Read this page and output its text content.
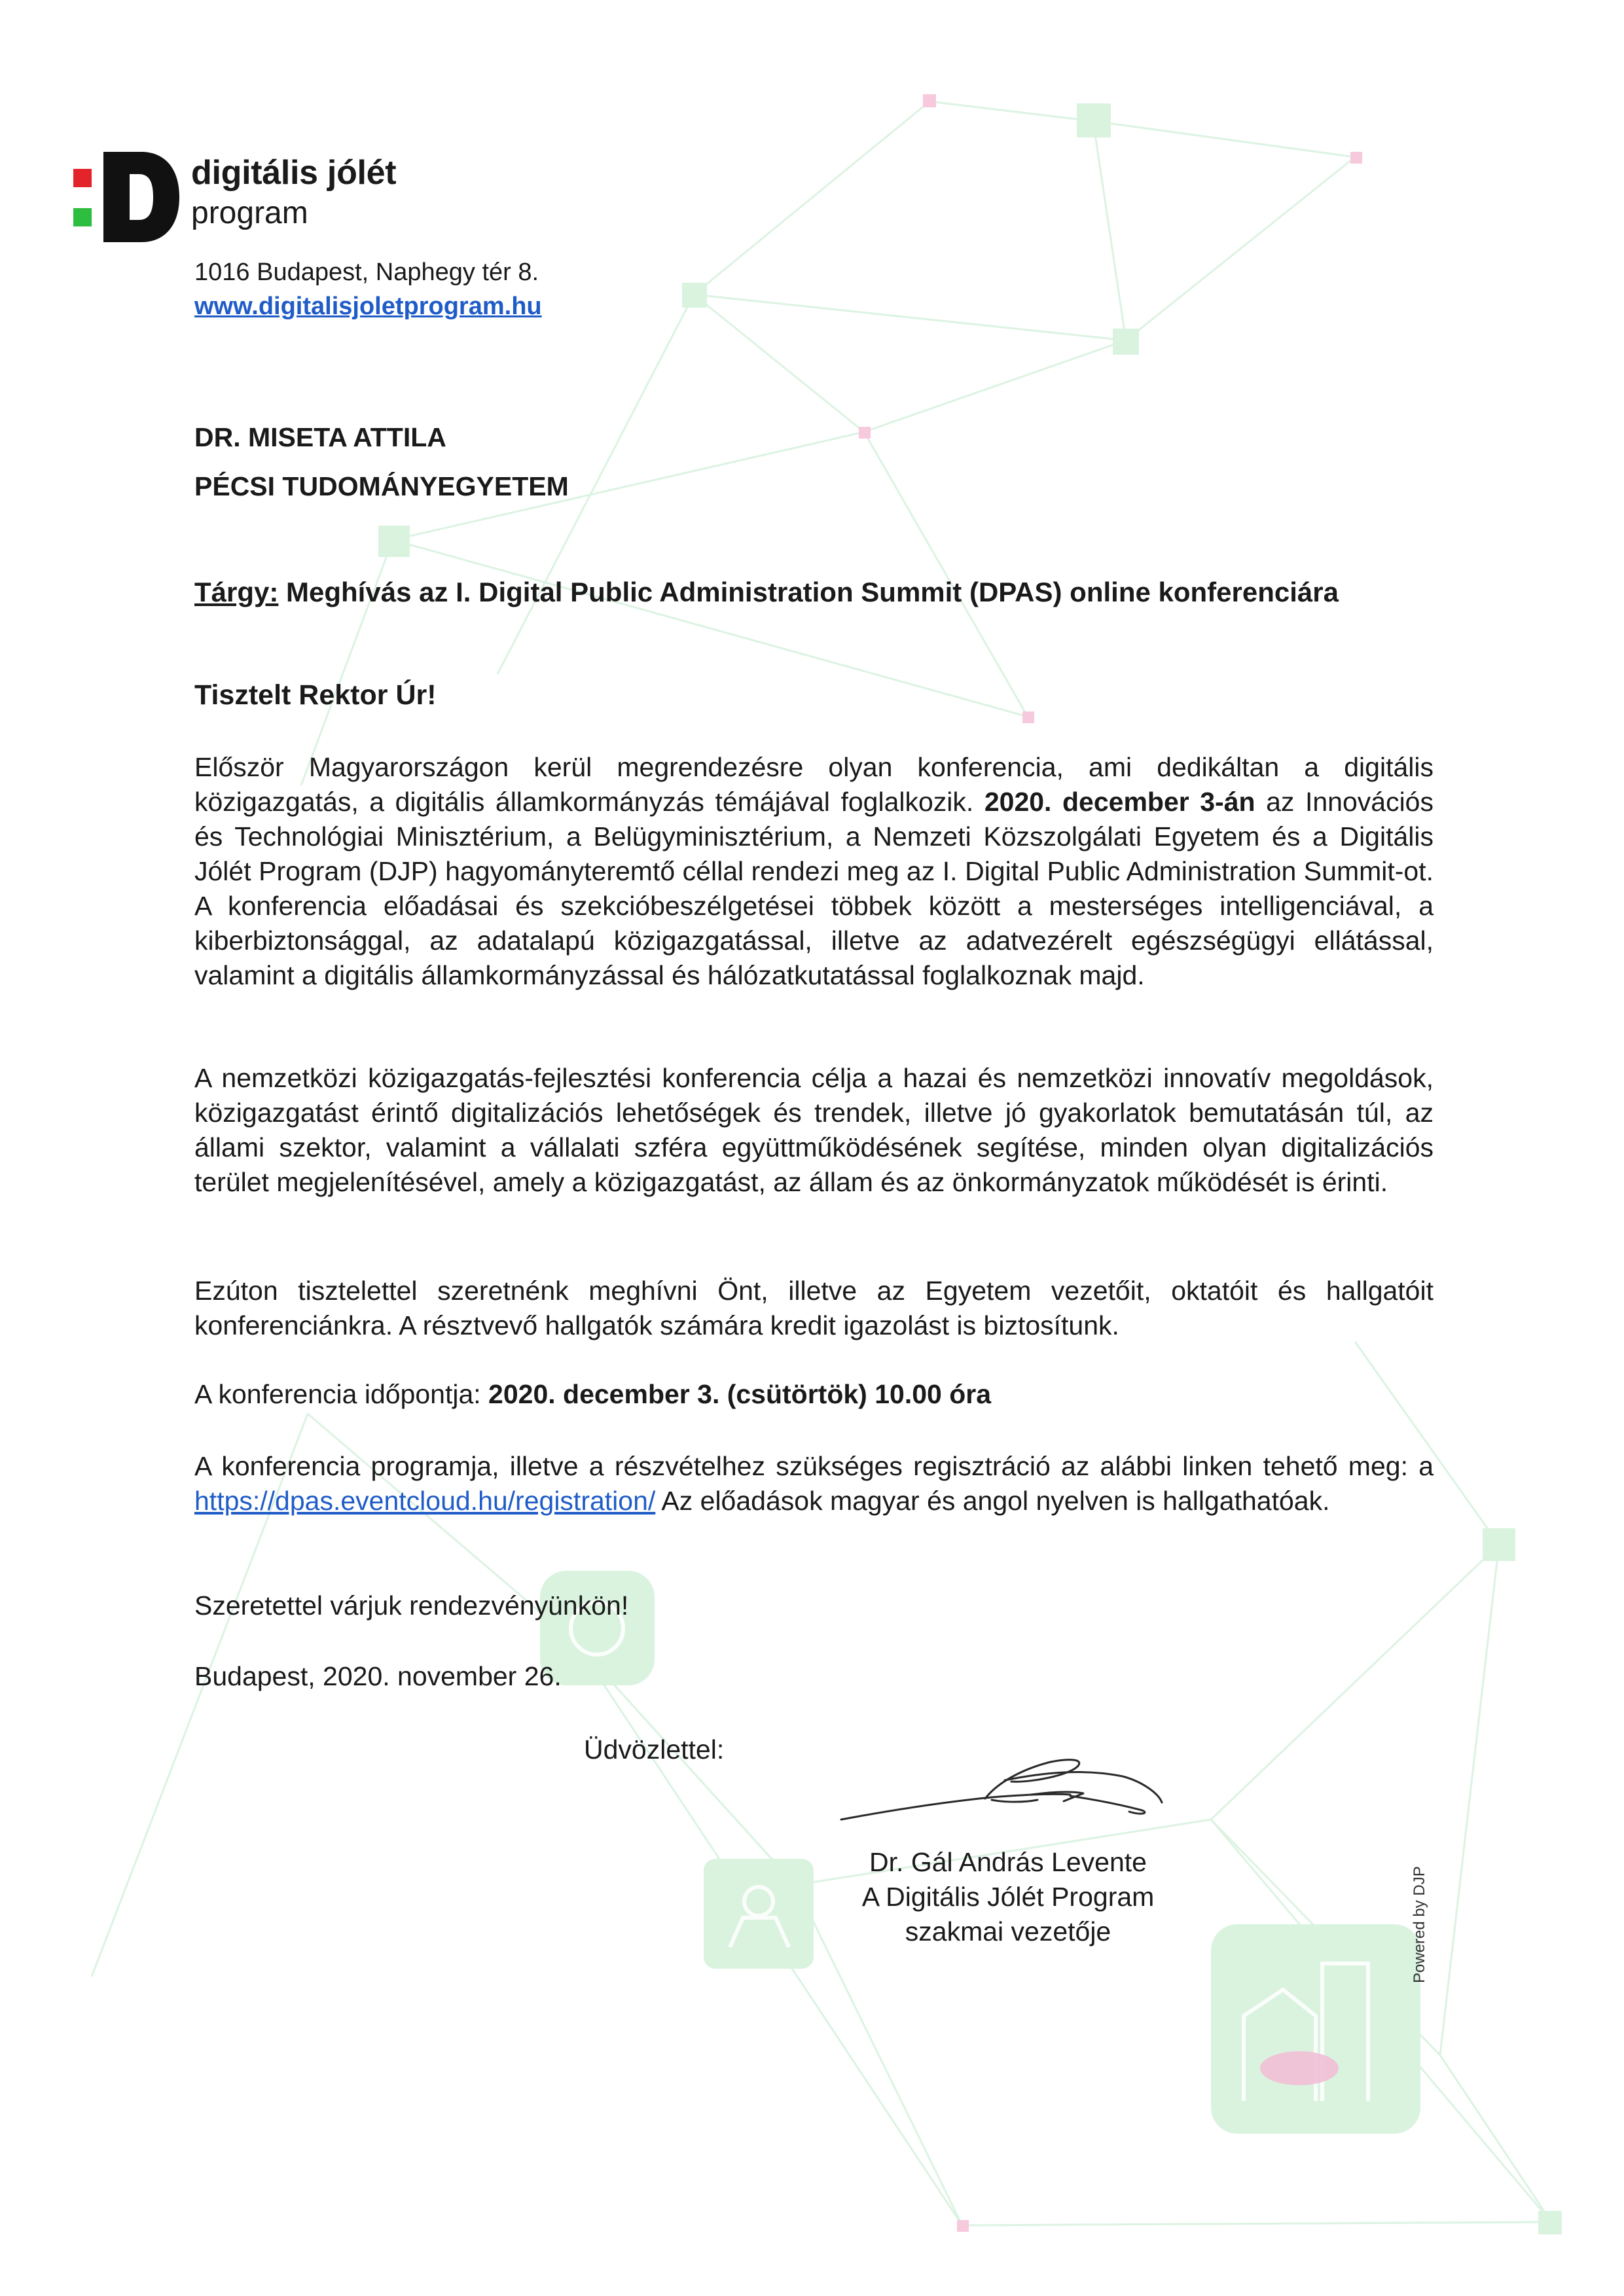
digitális jólét
program
1016 Budapest, Naphegy tér 8.
www.digitalisjoletprogram.hu
DR. MISETA ATTILA
PÉCSI TUDOMÁNYEGYETEM
Tárgy: Meghívás az I. Digital Public Administration Summit (DPAS) online konferenciára
Tisztelt Rektor Úr!
Először Magyarországon kerül megrendezésre olyan konferencia, ami dedikáltan a digitális közigazgatás, a digitális államkormányzás témájával foglalkozik. 2020. december 3-án az Innovációs és Technológiai Minisztérium, a Belügyminisztérium, a Nemzeti Közszolgálati Egyetem és a Digitális Jólét Program (DJP) hagyományteremtő céllal rendezi meg az I. Digital Public Administration Summit-ot. A konferencia előadásai és szekcióbeszélgetései többek között a mesterséges intelligenciával, a kiberbiztonsággal, az adatalapú közigazgatással, illetve az adatvezérelt egészségügyi ellátással, valamint a digitális államkormányzással és hálózatkutatással foglalkoznak majd.
A nemzetközi közigazgatás-fejlesztési konferencia célja a hazai és nemzetközi innovatív megoldások, közigazgatást érintő digitalizációs lehetőségek és trendek, illetve jó gyakorlatok bemutatásán túl, az állami szektor, valamint a vállalati szféra együttműködésének segítése, minden olyan digitalizációs terület megjelenítésével, amely a közigazgatást, az állam és az önkormányzatok működését is érinti.
Ezúton tisztelettel szeretnénk meghívni Önt, illetve az Egyetem vezetőit, oktatóit és hallgatóit konferenciánkra. A résztvevő hallgatók számára kredit igazolást is biztosítunk.
A konferencia időpontja: 2020. december 3. (csütörtök) 10.00 óra
A konferencia programja, illetve a részvételhez szükséges regisztráció az alábbi linken tehető meg: a https://dpas.eventcloud.hu/registration/ Az előadások magyar és angol nyelven is hallgathatóak.
Szeretettel várjuk rendezvényünkön!
Budapest, 2020. november 26.
Üdvözlettel:
Dr. Gál András Levente
A Digitális Jólét Program
szakmai vezetője	Powered by DJP
